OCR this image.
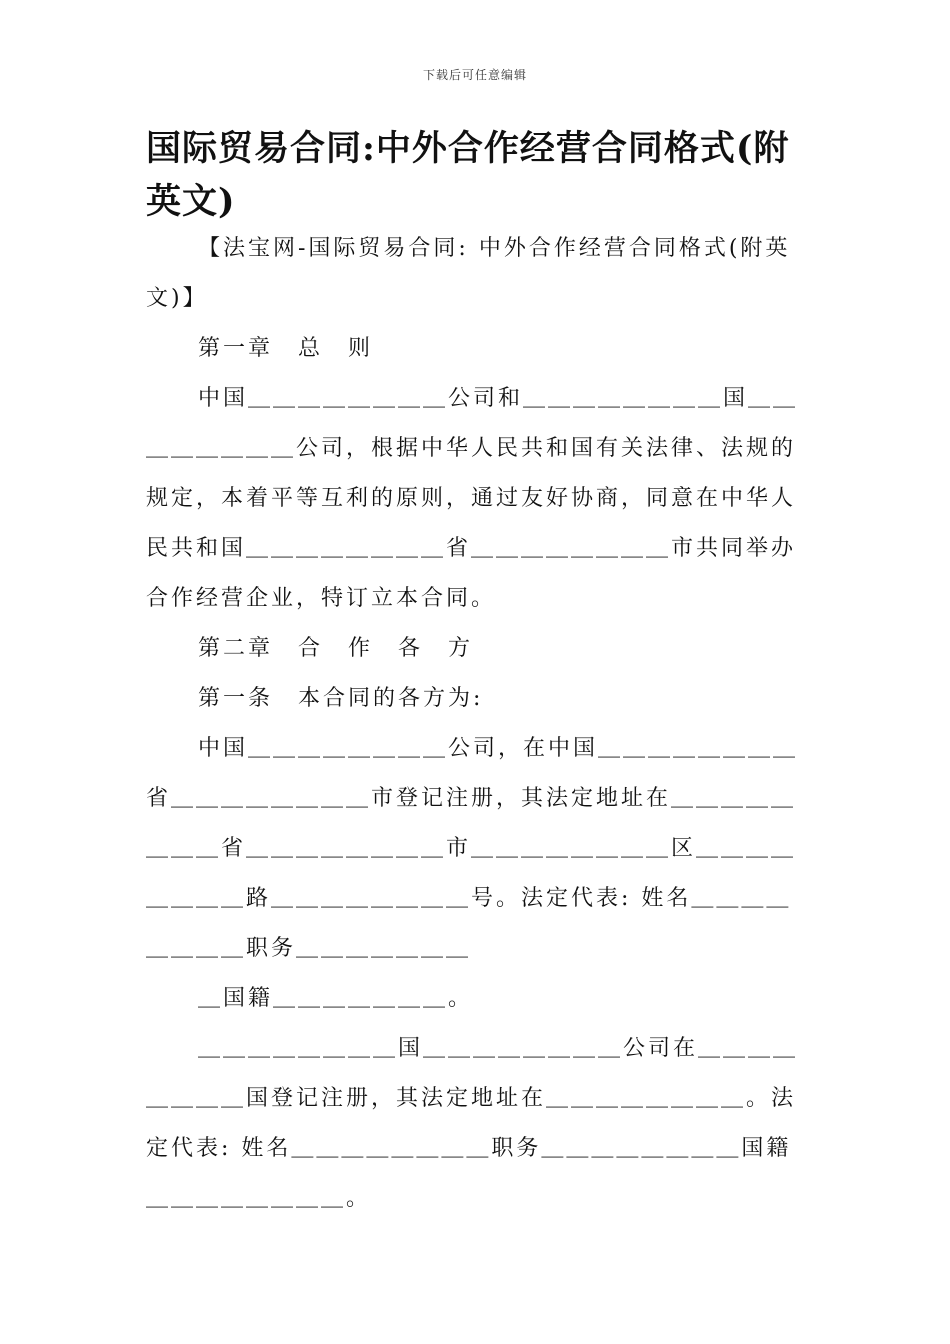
下载后可任意编辑
国际贸易合同:中外合作经营合同格式(附英文)

【法宝网-国际贸易合同: 中外合作经营合同格式(附英文)】

第一章　总　则

中国＿＿＿＿＿＿＿＿公司和＿＿＿＿＿＿＿＿国＿＿＿＿＿＿＿＿公司，根据中华人民共和国有关法律、法规的规定，本着平等互利的原则，通过友好协商，同意在中华人民共和国＿＿＿＿＿＿＿＿省＿＿＿＿＿＿＿＿市共同举办合作经营企业，特订立本合同。

第二章　合　作　各　方

第一条　本合同的各方为:

中国＿＿＿＿＿＿＿＿公司，在中国＿＿＿＿＿＿＿＿省＿＿＿＿＿＿＿＿市登记注册，其法定地址在＿＿＿＿＿＿＿＿省＿＿＿＿＿＿＿＿市＿＿＿＿＿＿＿＿区＿＿＿＿＿＿＿＿路＿＿＿＿＿＿＿＿号。法定代表: 姓名＿＿＿＿＿＿＿＿职务＿＿＿＿＿＿＿

＿国籍＿＿＿＿＿＿＿。

＿＿＿＿＿＿＿＿国＿＿＿＿＿＿＿＿公司在＿＿＿＿＿＿＿＿国登记注册，其法定地址在＿＿＿＿＿＿＿＿。法定代表: 姓名＿＿＿＿＿＿＿＿职务＿＿＿＿＿＿＿＿国籍＿＿＿＿＿＿＿＿。
